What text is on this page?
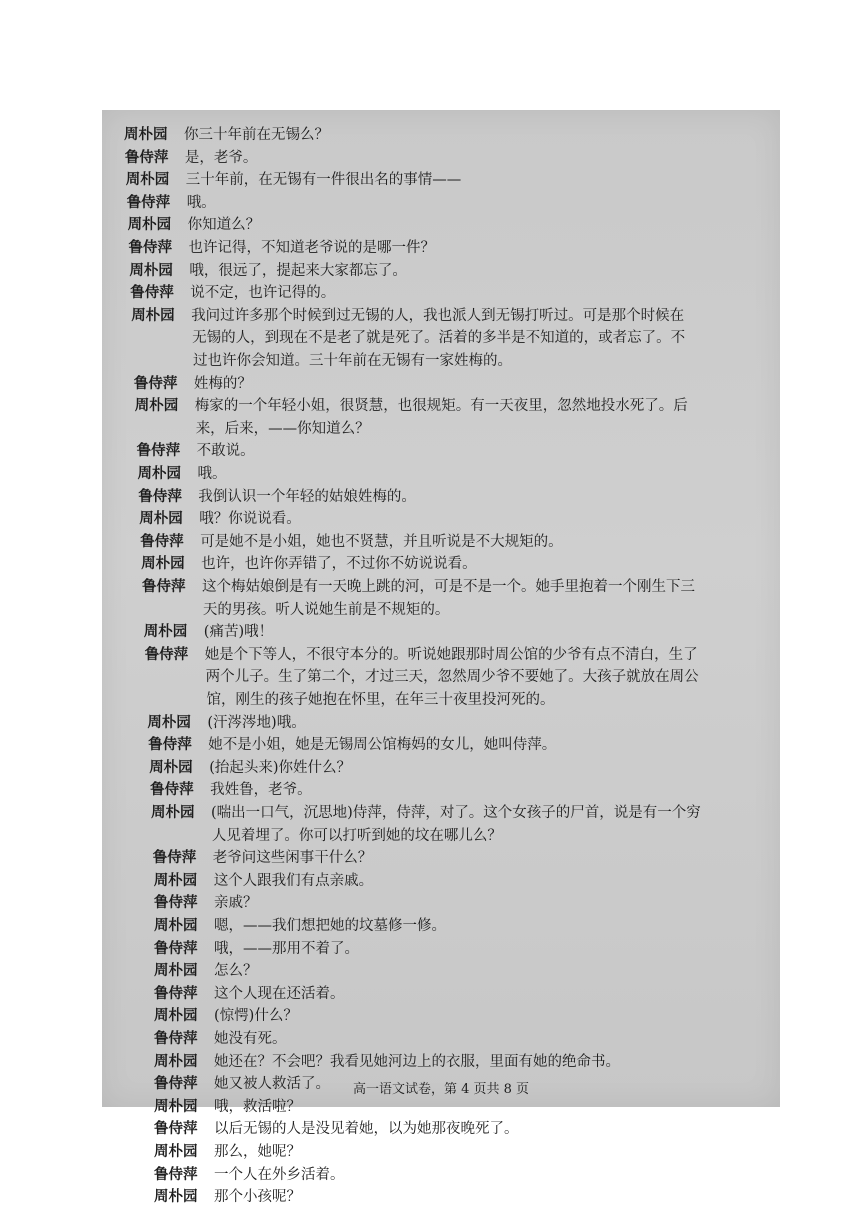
周朴园 你三十年前在无锡么？
鲁侍萍 是，老爷。
周朴园 三十年前，在无锡有一件很出名的事情——
鲁侍萍 哦。
周朴园 你知道么？
鲁侍萍 也许记得，不知道老爷说的是哪一件？
周朴园 哦，很远了，提起来大家都忘了。
鲁侍萍 说不定，也许记得的。
周朴园 我问过许多那个时候到过无锡的人，我也派人到无锡打听过。可是那个时候在
无锡的人，到现在不是老了就是死了。活着的多半是不知道的，或者忘了。不
过也许你会知道。三十年前在无锡有一家姓梅的。
鲁侍萍 姓梅的？
周朴园 梅家的一个年轻小姐，很贤慧，也很规矩。有一天夜里，忽然地投水死了。后
来，后来，——你知道么？
鲁侍萍 不敢说。
周朴园 哦。
鲁侍萍 我倒认识一个年轻的姑娘姓梅的。
周朴园 哦？你说说看。
鲁侍萍 可是她不是小姐，她也不贤慧，并且听说是不大规矩的。
周朴园 也许，也许你弄错了，不过你不妨说说看。
鲁侍萍 这个梅姑娘倒是有一天晚上跳的河，可是不是一个。她手里抱着一个刚生下三
天的男孩。听人说她生前是不规矩的。
周朴园 (痛苦)哦！
鲁侍萍 她是个下等人，不很守本分的。听说她跟那时周公馆的少爷有点不清白，生了
两个儿子。生了第二个，才过三天，忽然周少爷不要她了。大孩子就放在周公
馆，刚生的孩子她抱在怀里，在年三十夜里投河死的。
周朴园 (汗涔涔地)哦。
鲁侍萍 她不是小姐，她是无锡周公馆梅妈的女儿，她叫侍萍。
周朴园 (抬起头来)你姓什么？
鲁侍萍 我姓鲁，老爷。
周朴园 (喘出一口气，沉思地)侍萍，侍萍，对了。这个女孩子的尸首，说是有一个穷
人见着埋了。你可以打听到她的坟在哪儿么？
鲁侍萍 老爷问这些闲事干什么？
周朴园 这个人跟我们有点亲戚。
鲁侍萍 亲戚？
周朴园 嗯，——我们想把她的坟墓修一修。
鲁侍萍 哦，——那用不着了。
周朴园 怎么？
鲁侍萍 这个人现在还活着。
周朴园 (惊愕)什么？
鲁侍萍 她没有死。
周朴园 她还在？不会吧？我看见她河边上的衣服，里面有她的绝命书。
鲁侍萍 她又被人救活了。
周朴园 哦，救活啦？
鲁侍萍 以后无锡的人是没见着她，以为她那夜晚死了。
周朴园 那么，她呢？
鲁侍萍 一个人在外乡活着。
周朴园 那个小孩呢？
高一语文试卷，第 4 页共 8 页
